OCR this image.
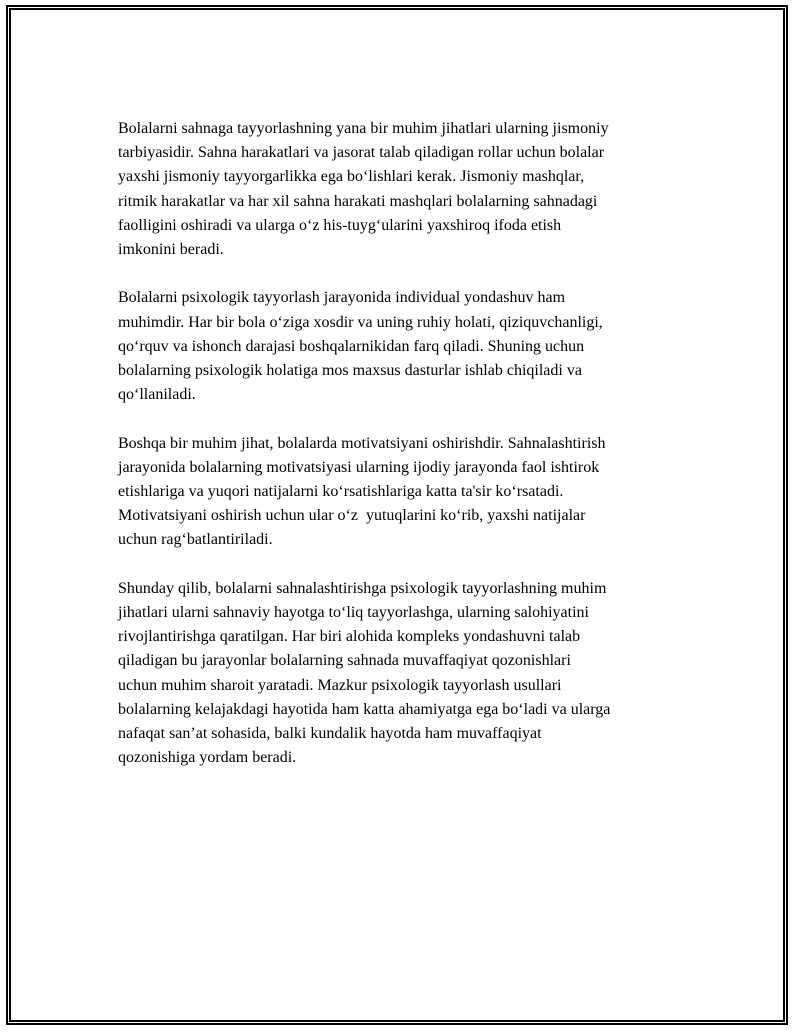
Bolalarni sahnaga tayyorlashning yana bir muhim jihatlari ularning jismoniy
tarbiyasidir. Sahna harakatlari va jasorat talab qiladigan rollar uchun bolalar
yaxshi jismoniy tayyorgarlikka ega bo‘lishlari kerak. Jismoniy mashqlar,
ritmik harakatlar va har xil sahna harakati mashqlari bolalarning sahnadagi
faolligini oshiradi va ularga o‘z his-tuyg‘ularini yaxshiroq ifoda etish
imkonini beradi.

Bolalarni psixologik tayyorlash jarayonida individual yondashuv ham
muhimdir. Har bir bola o‘ziga xosdir va uning ruhiy holati, qiziquvchanligi,
qo‘rquv va ishonch darajasi boshqalarnikidan farq qiladi. Shuning uchun
bolalarning psixologik holatiga mos maxsus dasturlar ishlab chiqiladi va
qo‘llaniladi.

Boshqa bir muhim jihat, bolalarda motivatsiyani oshirishdir. Sahnalashtirish
jarayonida bolalarning motivatsiyasi ularning ijodiy jarayonda faol ishtirok
etishlariga va yuqori natijalarni ko‘rsatishlariga katta ta'sir ko‘rsatadi.
Motivatsiyani oshirish uchun ular o‘z  yutuqlarini ko‘rib, yaxshi natijalar
uchun rag‘batlantiriladi.

Shunday qilib, bolalarni sahnalashtirishga psixologik tayyorlashning muhim
jihatlari ularni sahnaviy hayotga to‘liq tayyorlashga, ularning salohiyatini
rivojlantirishga qaratilgan. Har biri alohida kompleks yondashuvni talab
qiladigan bu jarayonlar bolalarning sahnada muvaffaqiyat qozonishlari
uchun muhim sharoit yaratadi. Mazkur psixologik tayyorlash usullari
bolalarning kelajakdagi hayotida ham katta ahamiyatga ega bo‘ladi va ularga
nafaqat san’at sohasida, balki kundalik hayotda ham muvaffaqiyat
qozonishiga yordam beradi.
